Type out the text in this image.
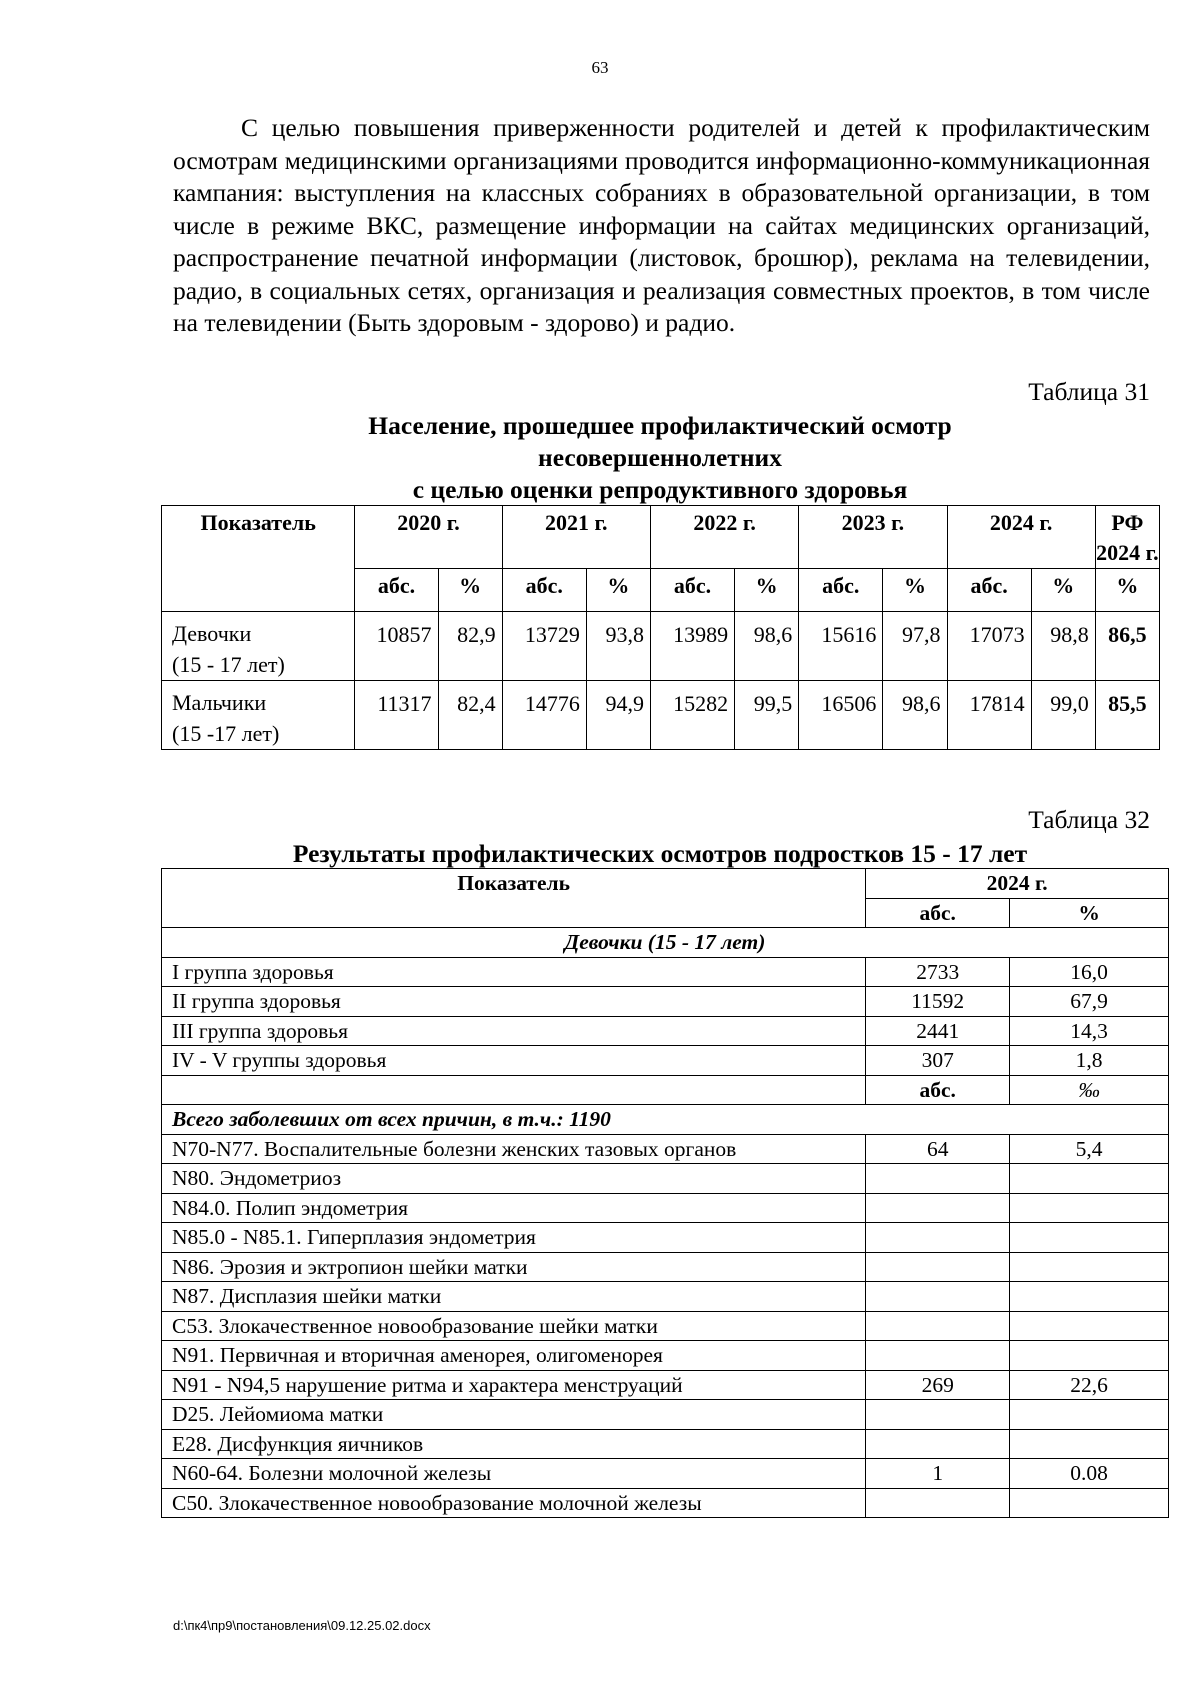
63

С целью повышения приверженности родителей и детей к профилактическим осмотрам медицинскими организациями проводится информационно-коммуникационная кампания: выступления на классных собраниях в образовательной организации, в том числе в режиме ВКС, размещение информации на сайтах медицинских организаций, распространение печатной информации (листовок, брошюр), реклама на телевидении, радио, в социальных сетях, организация и реализация совместных проектов, в том числе на телевидении (Быть здоровым - здорово) и радио.

Таблица 31
Население, прошедшее профилактический осмотр
несовершеннолетних
с целью оценки репродуктивного здоровья
Показатель	2020 г.		2021 г.		2022 г.		2023 г.		2024 г.		РФ
2024 г.
	абс.	%	абс.	%	абс.	%	абс.	%	абс.	%	%
Девочки
(15 - 17 лет)	10857	82,9	13729	93,8	13989	98,6	15616	97,8	17073	98,8	86,5
Мальчики
(15 -17 лет)	11317	82,4	14776	94,9	15282	99,5	16506	98,6	17814	99,0	85,5
Таблица 32
Результаты профилактических осмотров подростков 15 - 17 лет
Показатель	2024 г.	
	абс.	%
Девочки (15 - 17 лет)		
I группа здоровья	2733	16,0
II группа здоровья	11592	67,9
III группа здоровья	2441	14,3
IV - V группы здоровья	307	1,8
	абс.	‰
Всего заболевших от всех причин, в т.ч.: 1190		
N70-N77. Воспалительные болезни женских тазовых органов	64	5,4
N80. Эндометриоз		
N84.0. Полип эндометрия		
N85.0 - N85.1. Гиперплазия эндометрия		
N86. Эрозия и эктропион шейки матки		
N87. Дисплазия шейки матки		
C53. Злокачественное новообразование шейки матки		
N91. Первичная и вторичная аменорея, олигоменорея		
N91 - N94,5 нарушение ритма и характера менструаций	269	22,6
D25. Лейомиома матки		
E28. Дисфункция яичников		
N60-64. Болезни молочной железы	1	0.08
C50. Злокачественное новообразование молочной железы		
d:\пк4\пр9\постановления\09.12.25.02.docx
